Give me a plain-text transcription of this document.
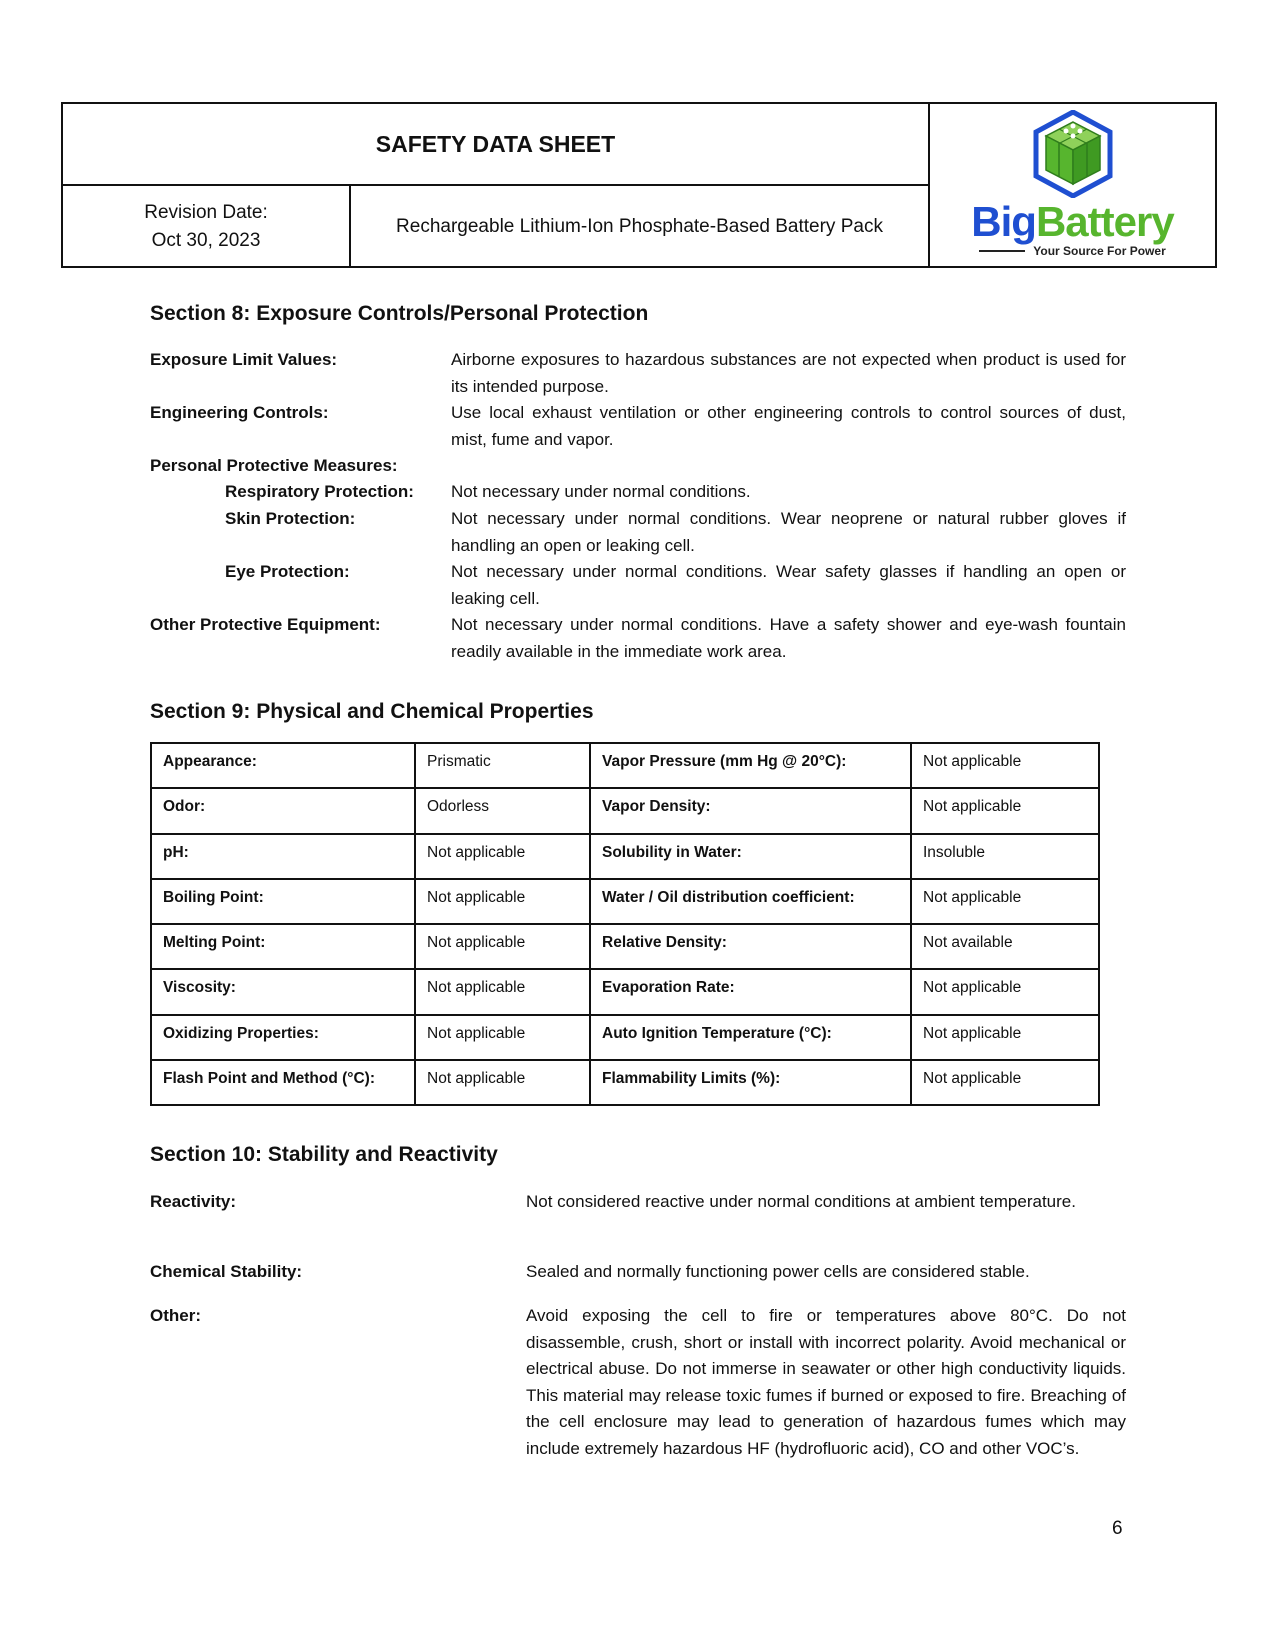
SAFETY DATA SHEET
Revision Date:
Oct 30, 2023
Rechargeable Lithium-Ion Phosphate-Based Battery Pack	BigBattery
Your Source For Power
Section 8: Exposure Controls/Personal Protection
Exposure Limit Values:	Airborne exposures to hazardous substances are not expected when product is used for its intended purpose.
Engineering Controls:	Use local exhaust ventilation or other engineering controls to control sources of dust, mist, fume and vapor.
Personal Protective Measures:
Respiratory Protection: Not necessary under normal conditions.
Skin Protection:	Not necessary under normal conditions. Wear neoprene or natural rubber gloves if handling an open or leaking cell.
Eye Protection:	Not necessary under normal conditions. Wear safety glasses if handling an open or leaking cell.
Other Protective Equipment:	Not necessary under normal conditions. Have a safety shower and eye-wash fountain readily available in the immediate work area.
Section 9: Physical and Chemical Properties
Appearance:	Prismatic	Vapor Pressure (mm Hg @ 20°C):	Not applicable
Odor:	Odorless	Vapor Density:	Not applicable
pH:	Not applicable	Solubility in Water:	Insoluble
Boiling Point:	Not applicable	Water / Oil distribution coefficient:	Not applicable
Melting Point:	Not applicable	Relative Density:	Not available
Viscosity:	Not applicable	Evaporation Rate:	Not applicable
Oxidizing Properties:	Not applicable	Auto Ignition Temperature (°C):	Not applicable
Flash Point and Method (°C):	Not applicable	Flammability Limits (%):	Not applicable
Section 10: Stability and Reactivity
Reactivity:	Not considered reactive under normal conditions at ambient temperature.
Chemical Stability:	Sealed and normally functioning power cells are considered stable.
Other:	Avoid exposing the cell to fire or temperatures above 80°C. Do not disassemble, crush, short or install with incorrect polarity. Avoid mechanical or electrical abuse. Do not immerse in seawater or other high conductivity liquids. This material may release toxic fumes if burned or exposed to fire. Breaching of the cell enclosure may lead to generation of hazardous fumes which may include extremely hazardous HF (hydrofluoric acid), CO and other VOC’s.
6
